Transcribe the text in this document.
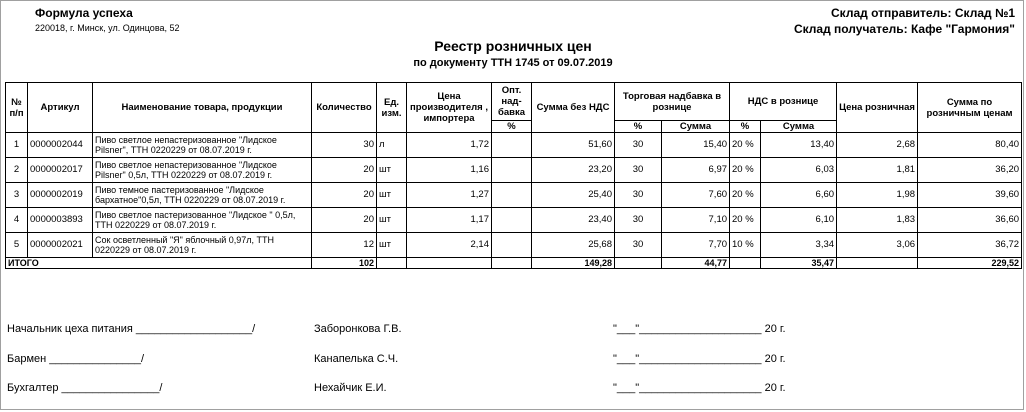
Формула успеха
220018, г. Минск, ул. Одинцова, 52
Склад отправитель: Склад №1
Склад получатель: Кафе "Гармония"
Реестр розничных цен
по документу ТТН 1745 от 09.07.2019
№ п/п	Артикул	Наименование товара, продукции	Количество	Ед. изм.	Цена производителя , импортера	Опт. над- бавка	Сумма без НДС	Торговая надбавка в рознице		НДС в рознице		Цена розничная	Сумма по розничным ценам
						%		%	Сумма	%	Сумма		
1	0000002044	Пиво светлое непастеризованное "Лидское Pilsner", ТТН 0220229 от 08.07.2019 г.	30	л	1,72		51,60	30	15,40	20 %	13,40	2,68	80,40
2	0000002017	Пиво светлое непастеризованное "Лидское Pilsner" 0,5л, ТТН 0220229 от 08.07.2019 г.	20	шт	1,16		23,20	30	6,97	20 %	6,03	1,81	36,20
3	0000002019	Пиво темное пастеризованное "Лидское бархатное"0,5л, ТТН 0220229 от 08.07.2019 г.	20	шт	1,27		25,40	30	7,60	20 %	6,60	1,98	39,60
4	0000003893	Пиво светлое пастеризованное "Лидское " 0,5л, ТТН 0220229 от 08.07.2019 г.	20	шт	1,17		23,40	30	7,10	20 %	6,10	1,83	36,60
5	0000002021	Сок осветленный "Я" яблочный 0,97л, ТТН 0220229 от 08.07.2019 г.	12	шт	2,14		25,68	30	7,70	10 %	3,34	3,06	36,72
ИТОГО			102				149,28		44,77		35,47		229,52
Начальник цеха питания ___________________/	Заборонкова Г.В.	"___"____________________ 20 г.
Бармен _______________/	Канапелька С.Ч.	"___"____________________ 20 г.
Бухгалтер ________________/	Нехайчик Е.И.	"___"____________________ 20 г.
